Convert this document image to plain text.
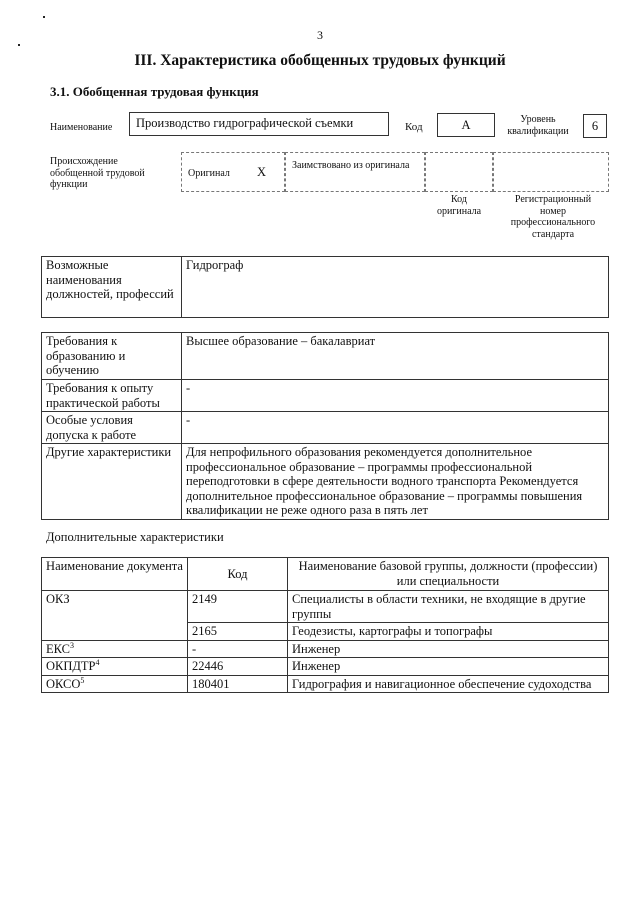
3
III. Характеристика обобщенных трудовых функций
3.1. Обобщенная трудовая функция
Наименование	Производство гидрографической съемки	Код	A	Уровень квалификации	6
Происхождение обобщенной трудовой функции
Оригинал X	Заимствовано из оригинала
Код оригинала
Регистрационный номер профессионального стандарта
Возможные наименования должностей, профессий	Гидрограф
Требования к образованию и обучению	Высшее образование – бакалавриат
Требования к опыту практической работы	-
Особые условия допуска к работе	-
Другие характеристики	Для непрофильного образования рекомендуется дополнительное профессиональное образование – программы профессиональной переподготовки в сфере деятельности водного транспорта Рекомендуется дополнительное профессиональное образование – программы повышения квалификации не реже одного раза в пять лет
Дополнительные характеристики
Наименование документа	Код	Наименование базовой группы, должности (профессии) или специальности
ОКЗ	2149	Специалисты в области техники, не входящие в другие группы
	2165	Геодезисты, картографы и топографы
ЕКС$^3$	-	Инженер
ОКПДТР$^4$	22446	Инженер
ОКСО$^5$	180401	Гидрография и навигационное обеспечение судоходства
